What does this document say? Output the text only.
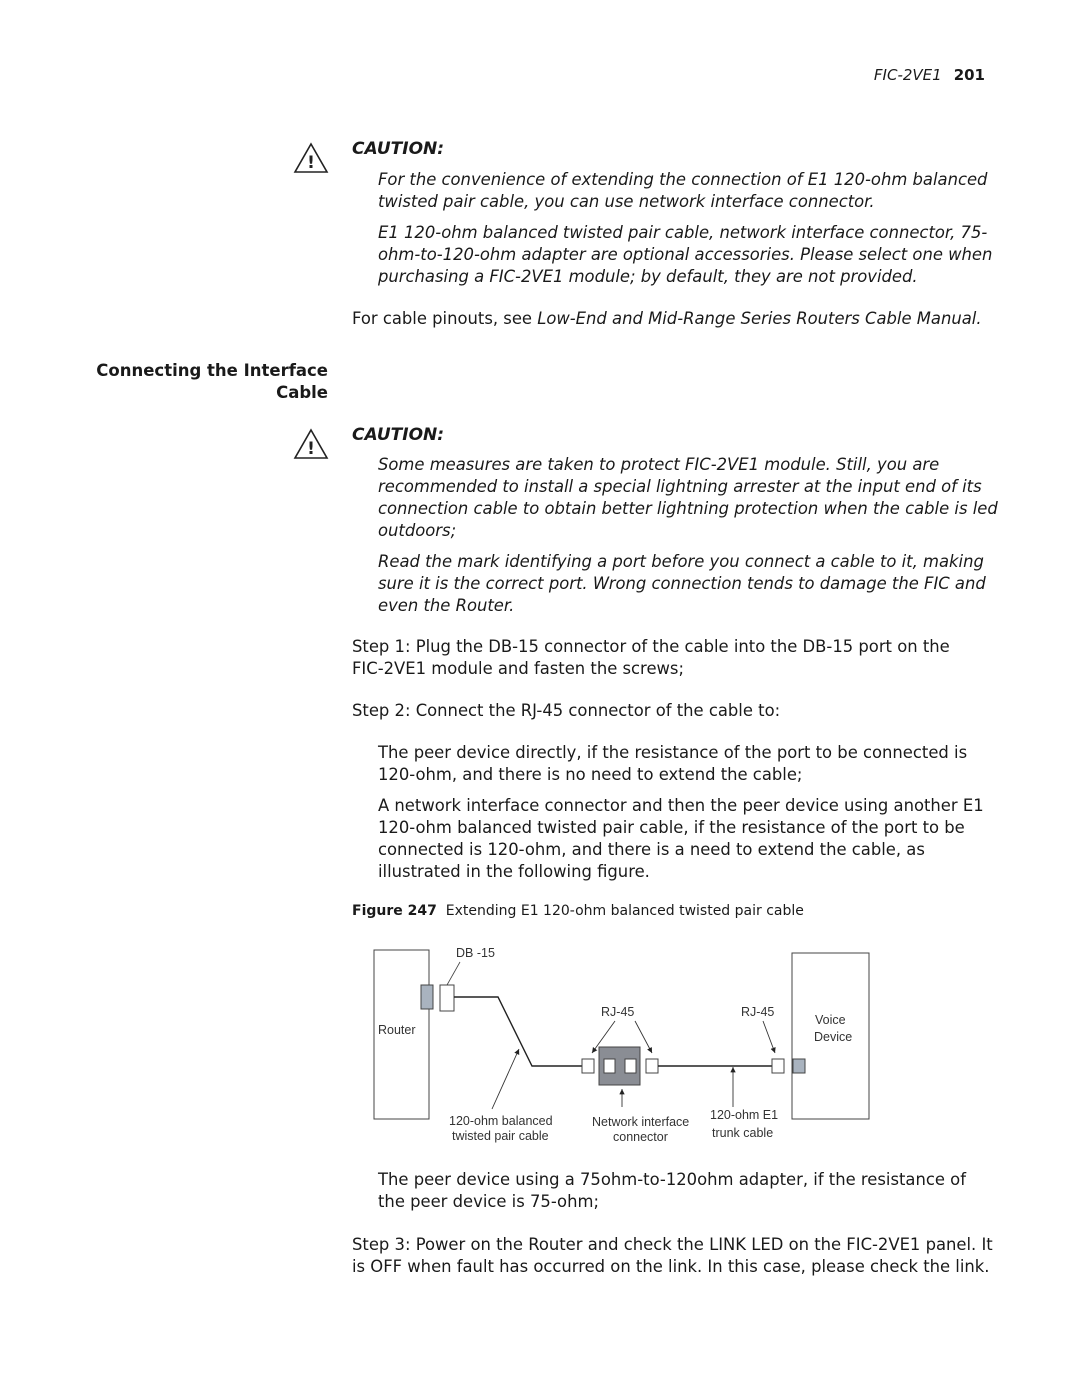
FIC-2VE1 201
!
CAUTION:
For the convenience of extending the connection of E1 120-ohm balanced twisted pair cable, you can use network interface connector.
E1 120-ohm balanced twisted pair cable, network interface connector, 75-ohm-to-120-ohm adapter are optional accessories. Please select one when purchasing a FIC-2VE1 module; by default, they are not provided.
For cable pinouts, see Low-End and Mid-Range Series Routers Cable Manual.
Connecting the Interface
Cable
!
CAUTION:
Some measures are taken to protect FIC-2VE1 module. Still, you are recommended to install a special lightning arrester at the input end of its connection cable to obtain better lightning protection when the cable is led outdoors;
Read the mark identifying a port before you connect a cable to it, making sure it is the correct port. Wrong connection tends to damage the FIC and even the Router.
Step 1: Plug the DB-15 connector of the cable into the DB-15 port on the FIC-2VE1 module and fasten the screws;
Step 2: Connect the RJ-45 connector of the cable to:
The peer device directly, if the resistance of the port to be connected is 120-ohm, and there is no need to extend the cable;
A network interface connector and then the peer device using another E1 120-ohm balanced twisted pair cable, if the resistance of the port to be connected is 120-ohm, and there is a need to extend the cable, as illustrated in the following figure.
Figure 247 Extending E1 120-ohm balanced twisted pair cable
DB -15
Router
RJ-45	RJ-45
Voice
Device
120-ohm balanced
twisted pair cable
Network interface
connector
120-ohm E1
trunk cable
The peer device using a 75ohm-to-120ohm adapter, if the resistance of the peer device is 75-ohm;
Step 3: Power on the Router and check the LINK LED on the FIC-2VE1 panel. It is OFF when fault has occurred on the link. In this case, please check the link.
